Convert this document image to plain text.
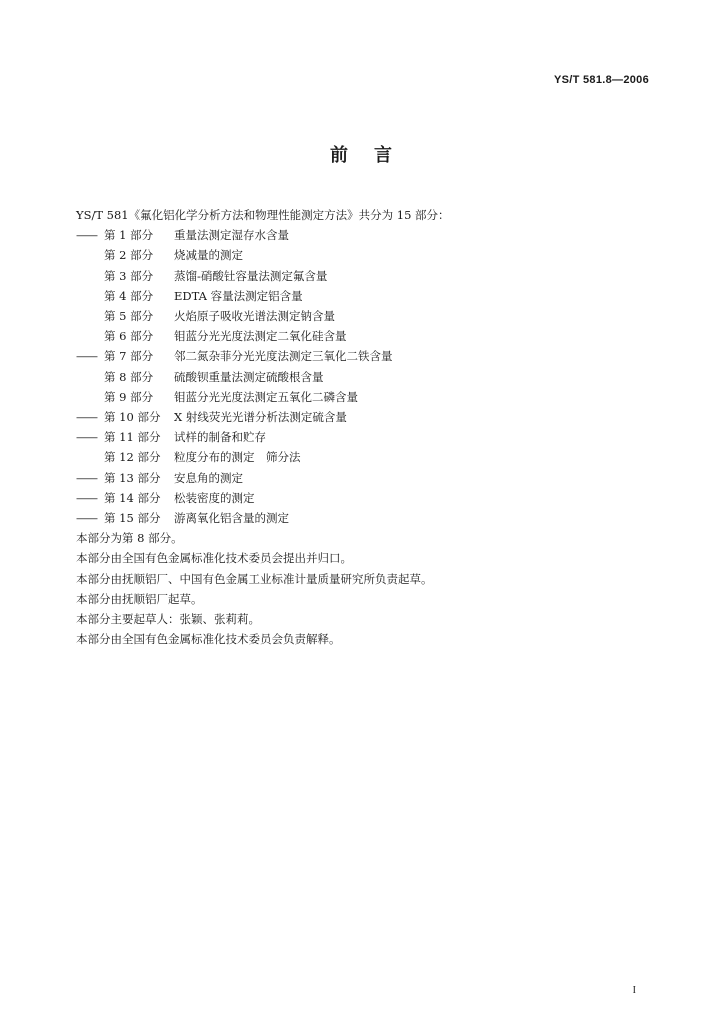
YS/T 581.8—2006
前言
YS/T 581《氟化铝化学分析方法和物理性能测定方法》共分为 15 部分：
—— 第 1 部分	重量法测定湿存水含量
第 2 部分	烧减量的测定
第 3 部分	蒸馏-硝酸钍容量法测定氟含量
第 4 部分	EDTA 容量法测定铝含量
第 5 部分	火焰原子吸收光谱法测定钠含量
第 6 部分	钼蓝分光光度法测定二氧化硅含量
—— 第 7 部分	邻二氮杂菲分光光度法测定三氧化二铁含量
第 8 部分	硫酸钡重量法测定硫酸根含量
第 9 部分	钼蓝分光光度法测定五氧化二磷含量
—— 第 10 部分	X 射线荧光光谱分析法测定硫含量
—— 第 11 部分	试样的制备和贮存
第 12 部分	粒度分布的测定　筛分法
—— 第 13 部分	安息角的测定
—— 第 14 部分	松装密度的测定
—— 第 15 部分	游离氧化铝含量的测定
本部分为第 8 部分。
本部分由全国有色金属标准化技术委员会提出并归口。
本部分由抚顺铝厂、中国有色金属工业标准计量质量研究所负责起草。
本部分由抚顺铝厂起草。
本部分主要起草人：张颖、张莉莉。
本部分由全国有色金属标准化技术委员会负责解释。
I
